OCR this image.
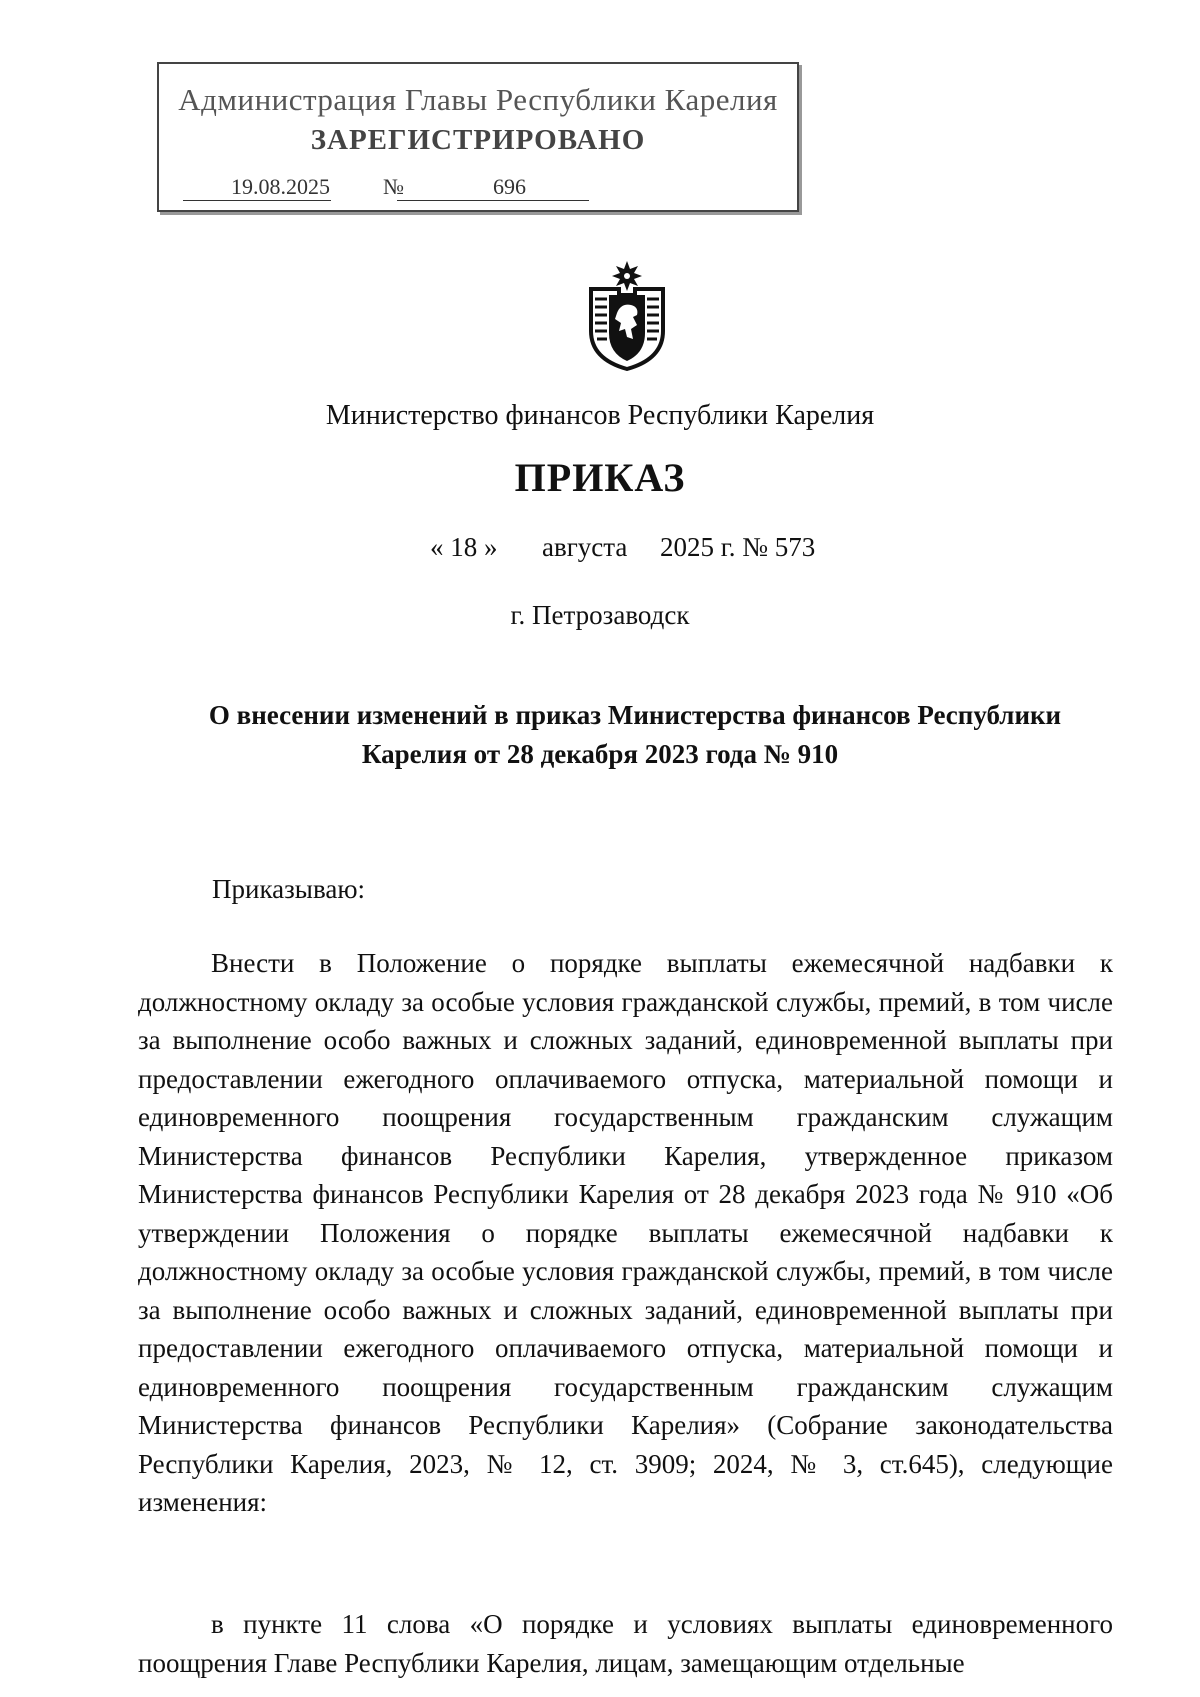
Администрация Главы Республики Карелия
ЗАРЕГИСТРИРОВАНО
19.08.2025 №	696
Министерство финансов Республики Карелия
ПРИКАЗ
« 18 » августа 2025 г. № 573
г. Петрозаводск
О внесении изменений в приказ Министерства финансов Республики
Карелия от 28 декабря 2023 года № 910
Приказываю:
Внести в Положение о порядке выплаты ежемесячной надбавки к должностному окладу за особые условия гражданской службы, премий, в том числе за выполнение особо важных и сложных заданий, единовременной выплаты при предоставлении ежегодного оплачиваемого отпуска, материальной помощи и единовременного поощрения государственным гражданским служащим Министерства финансов Республики Карелия, утвержденное приказом Министерства финансов Республики Карелия от 28 декабря 2023 года № 910 «Об утверждении Положения о порядке выплаты ежемесячной надбавки к должностному окладу за особые условия гражданской службы, премий, в том числе за выполнение особо важных и сложных заданий, единовременной выплаты при предоставлении ежегодного оплачиваемого отпуска, материальной помощи и единовременного поощрения государственным гражданским служащим Министерства финансов Республики Карелия» (Собрание законодательства Республики Карелия, 2023, № 12, ст. 3909; 2024, № 3, ст.645), следующие изменения:
в пункте 11 слова «О порядке и условиях выплаты единовременного поощрения Главе Республики Карелия, лицам, замещающим отдельные
